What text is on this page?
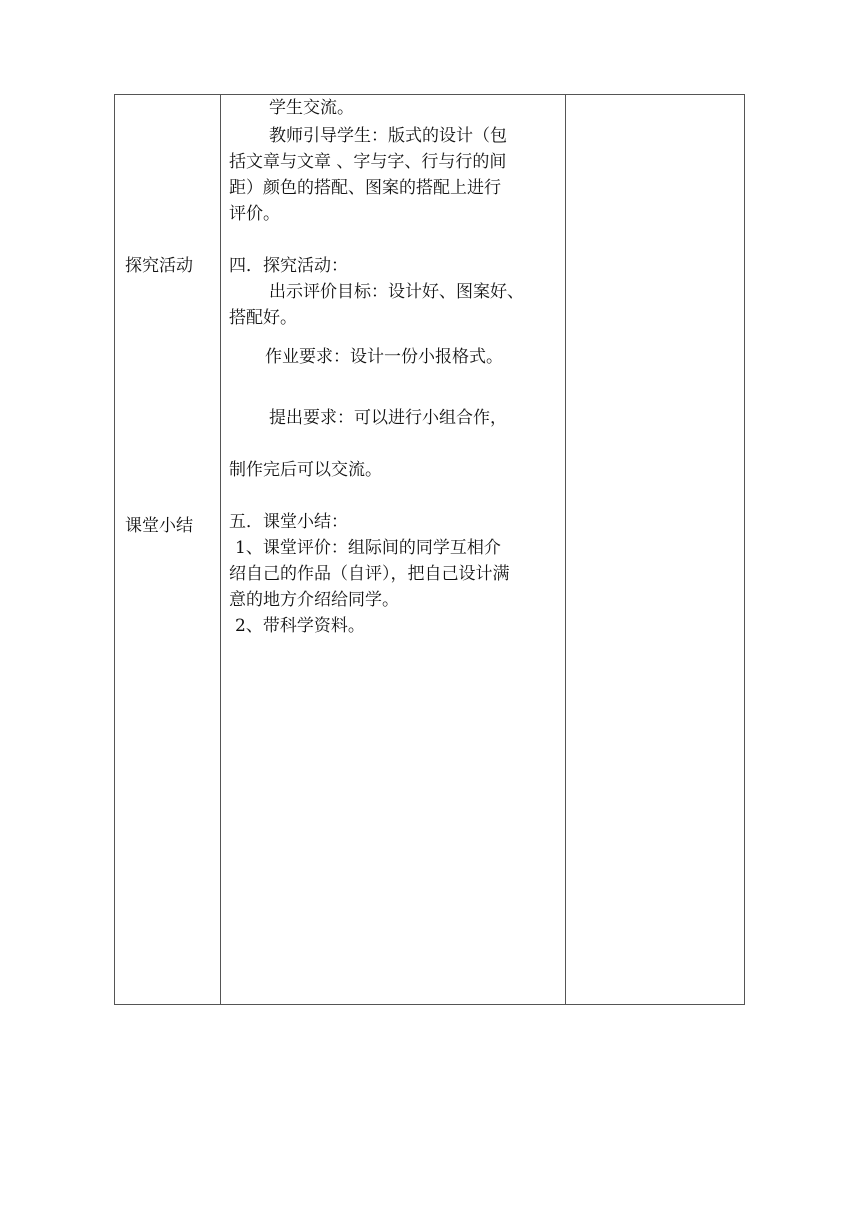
探究活动
课堂小结
学生交流。
教师引导学生：版式的设计（包
括文章与文章 、字与字、行与行的间
距）颜色的搭配、图案的搭配上进行
评价。
四．探究活动：
出示评价目标：设计好、图案好、
搭配好。
作业要求：设计一份小报格式。
提出要求：可以进行小组合作，
制作完后可以交流。
五．课堂小结：
1、课堂评价：组际间的同学互相介
绍自己的作品（自评），把自己设计满
意的地方介绍给同学。
2、带科学资料。
